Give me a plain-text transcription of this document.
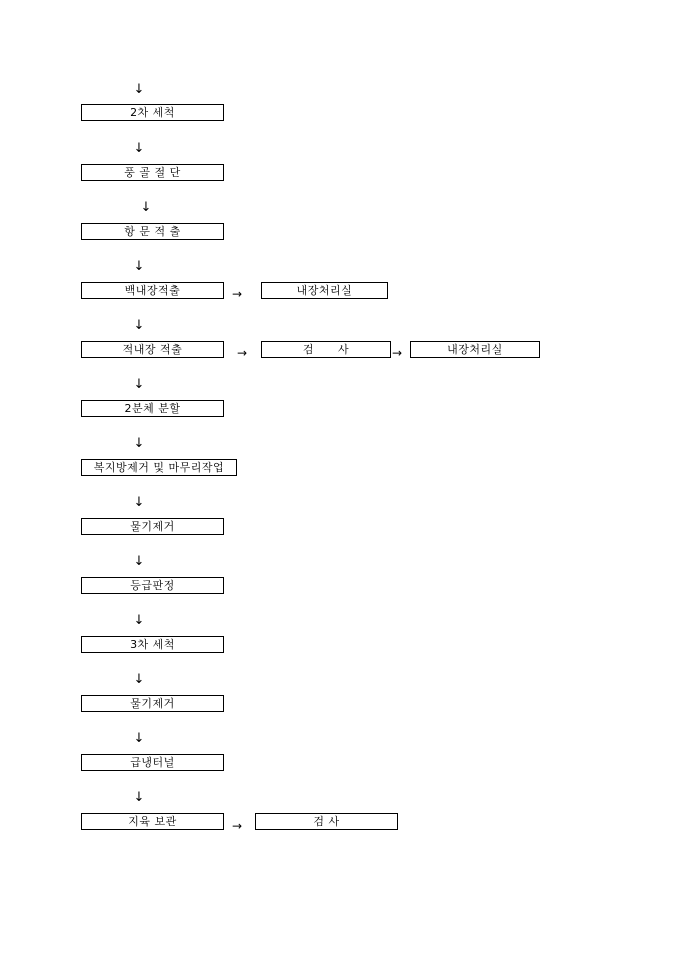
↓
↓
↓
↓
↓
↓
↓
↓
↓
↓
↓
↓
↓
2차 세척
풍 골 절 단
항 문 적 출
백내장적출
적내장 적출
2분체 분할
복지방제거 및 마무리작업
물기제거
등급판정
3차 세척
물기제거
급냉터널
지육 보관
→	내장처리실
→	검      사	→	내장처리실
→	검 사
